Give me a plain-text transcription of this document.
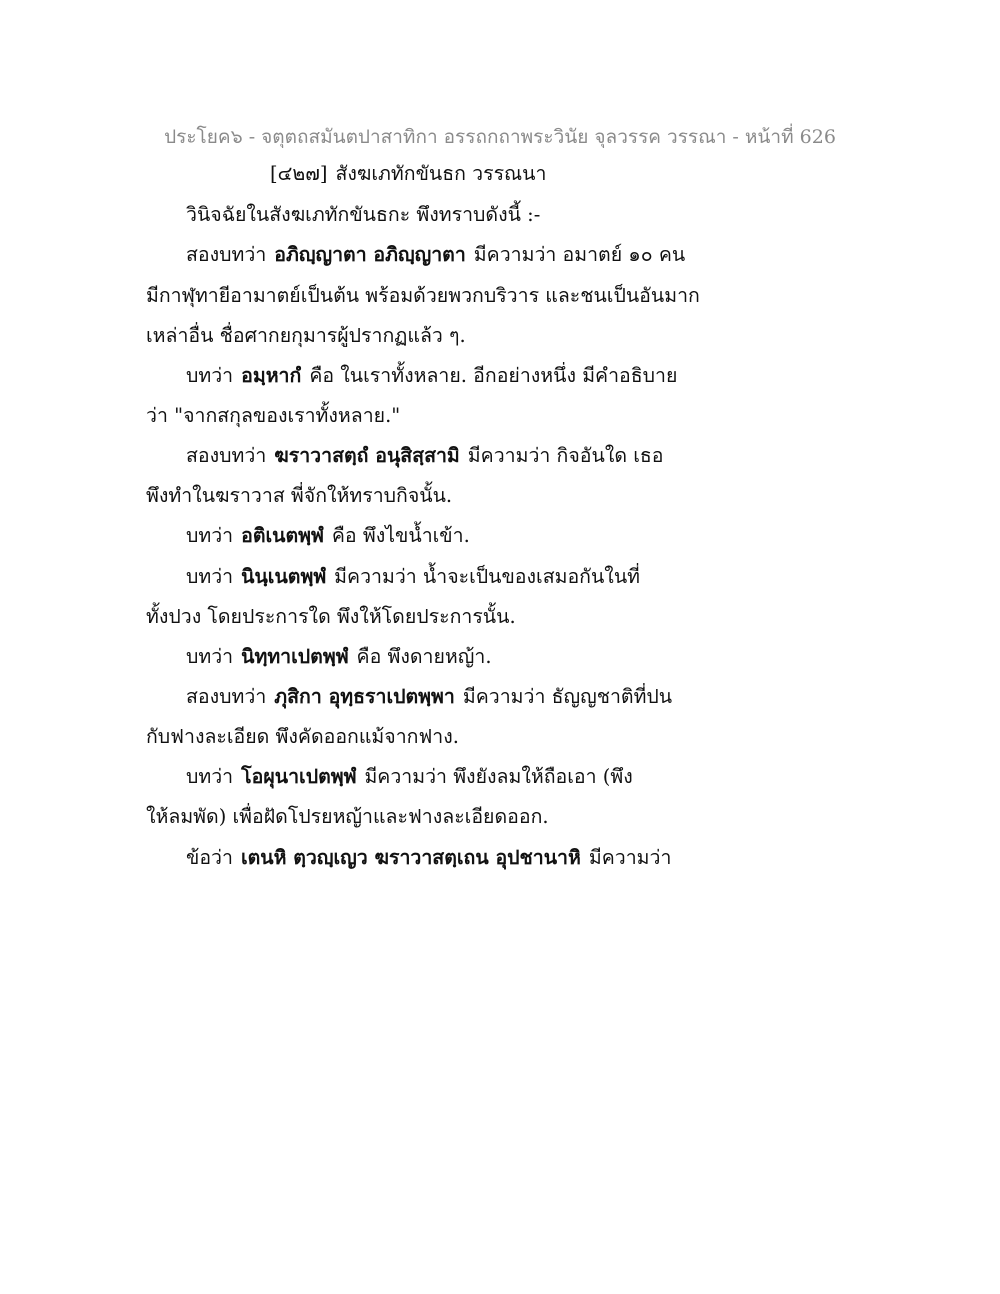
ประโยค๖ - จตุตถสมันตปาสาทิกา อรรถกถาพระวินัย จุลวรรค วรรณา - หน้าที่ 626
[๔๒๗] สังฆเภทักขันธก วรรณนา
วินิจฉัยในสังฆเภทักขันธกะ พึงทราบดังนี้ :-
สองบทว่า อภิญฺญาตา อภิญฺญาตา มีความว่า อมาตย์ ๑๐ คน
มีกาฬุทายีอามาตย์เป็นต้น พร้อมด้วยพวกบริวาร และชนเป็นอันมาก
เหล่าอื่น ชื่อศากยกุมารผู้ปรากฏแล้ว ๆ.
บทว่า อมฺหากํ คือ ในเราทั้งหลาย. อีกอย่างหนึ่ง มีคำอธิบาย
ว่า "จากสกุลของเราทั้งหลาย."
สองบทว่า ฆราวาสตฺถํ อนุสิสฺสามิ มีความว่า กิจอันใด เธอ
พึงทำในฆราวาส พี่จักให้ทราบกิจนั้น.
บทว่า อติเนตพฺพํ คือ พึงไขน้ำเข้า.
บทว่า นินฺเนตพฺพํ มีความว่า น้ำจะเป็นของเสมอกันในที่
ทั้งปวง โดยประการใด พึงให้โดยประการนั้น.
บทว่า นิทฺทาเปตพฺพํ คือ พึงดายหญ้า.
สองบทว่า ภุสิกา อุทฺธราเปตพฺพา มีความว่า ธัญญชาติที่ปน
กับฟางละเอียด พึงคัดออกแม้จากฟาง.
บทว่า โอผุนาเปตพฺพํ มีความว่า พึงยังลมให้ถือเอา (พึง
ให้ลมพัด) เพื่อฝัดโปรยหญ้าและฟางละเอียดออก.
ข้อว่า เตนหิ ตฺวญฺเญว ฆราวาสตฺเถน อุปชานาหิ มีความว่า
